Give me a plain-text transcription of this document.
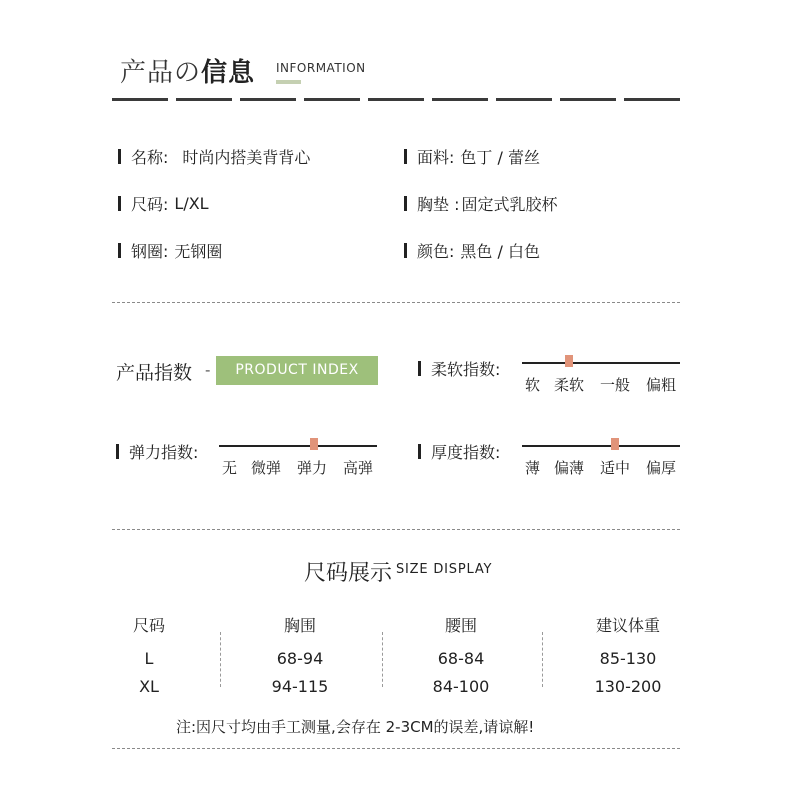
产品の信息 INFORMATION
名称: 时尚内搭美背背心	面料: 色丁 / 蕾丝
尺码: L/XL	胸垫 : 固定式乳胶杯
钢圈: 无钢圈	颜色: 黑色 / 白色
产品指数 -	PRODUCT INDEX	柔软指数:
软 柔软 一般 偏粗
弹力指数:
无 微弹 弹力 高弹
厚度指数:
薄 偏薄 适中 偏厚
尺码展示 SIZE DISPLAY
尺码	胸围	腰围	建议体重
L	68-94	68-84	85-130
XL	94-115	84-100	130-200
注:因尺寸均由手工测量,会存在 2-3CM的误差,请谅解!
